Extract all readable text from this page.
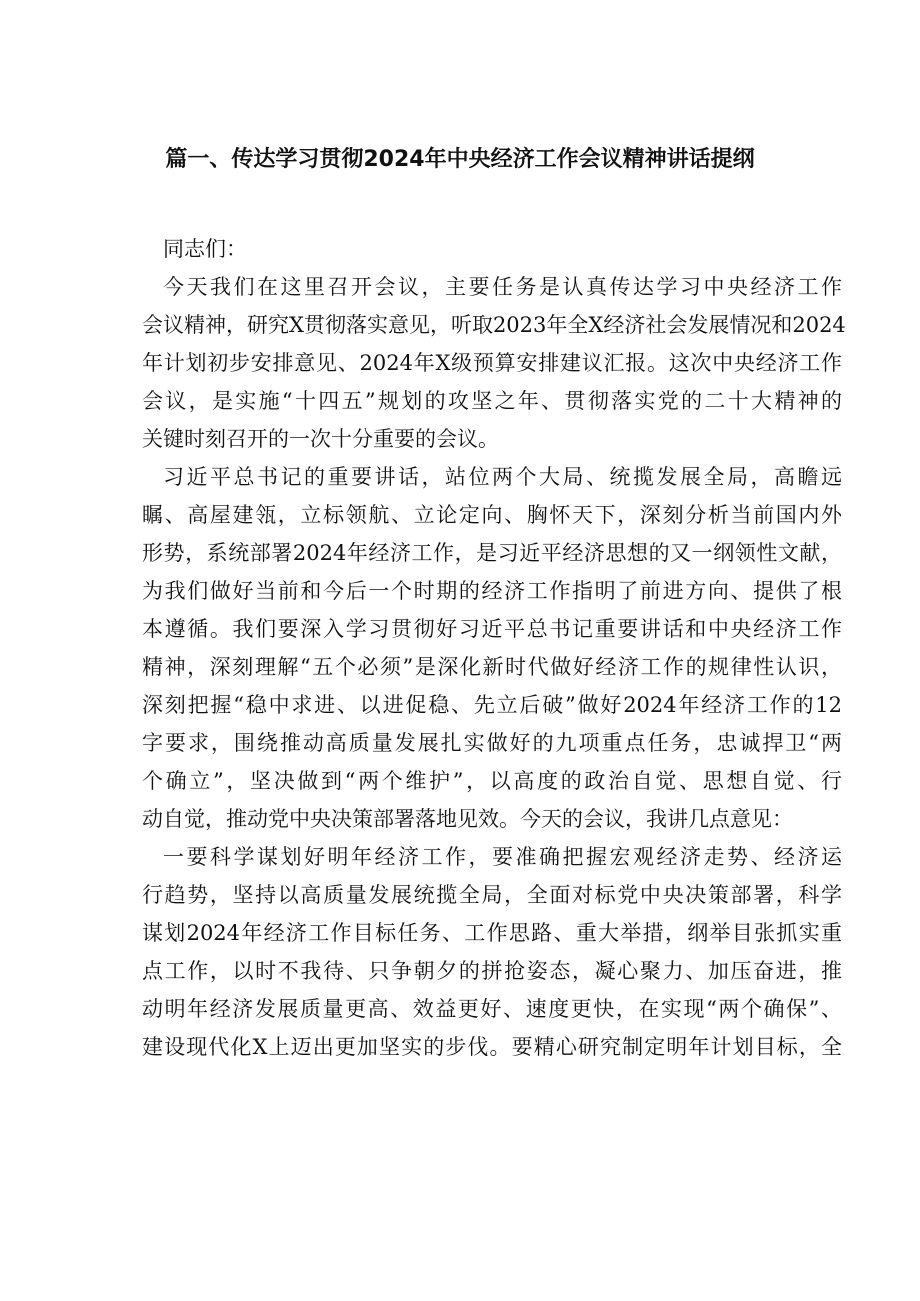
篇一、传达学习贯彻2024年中央经济工作会议精神讲话提纲

同志们：

今天我们在这里召开会议，主要任务是认真传达学习中央经济工作

会议精神，研究X贯彻落实意见，听取2023年全X经济社会发展情况和2024

年计划初步安排意见、2024年X级预算安排建议汇报。这次中央经济工作

会议，是实施“十四五”规划的攻坚之年、贯彻落实党的二十大精神的

关键时刻召开的一次十分重要的会议。

习近平总书记的重要讲话，站位两个大局、统揽发展全局，高瞻远

瞩、高屋建瓴，立标领航、立论定向、胸怀天下，深刻分析当前国内外

形势，系统部署2024年经济工作，是习近平经济思想的又一纲领性文献，

为我们做好当前和今后一个时期的经济工作指明了前进方向、提供了根

本遵循。我们要深入学习贯彻好习近平总书记重要讲话和中央经济工作

精神，深刻理解“五个必须”是深化新时代做好经济工作的规律性认识，

深刻把握“稳中求进、以进促稳、先立后破”做好2024年经济工作的12

字要求，围绕推动高质量发展扎实做好的九项重点任务，忠诚捍卫“两

个确立”，坚决做到“两个维护”，以高度的政治自觉、思想自觉、行

动自觉，推动党中央决策部署落地见效。今天的会议，我讲几点意见：

一要科学谋划好明年经济工作，要准确把握宏观经济走势、经济运

行趋势，坚持以高质量发展统揽全局，全面对标党中央决策部署，科学

谋划2024年经济工作目标任务、工作思路、重大举措，纲举目张抓实重

点工作，以时不我待、只争朝夕的拼抢姿态，凝心聚力、加压奋进，推

动明年经济发展质量更高、效益更好、速度更快，在实现“两个确保”、

建设现代化X上迈出更加坚实的步伐。要精心研究制定明年计划目标，全
